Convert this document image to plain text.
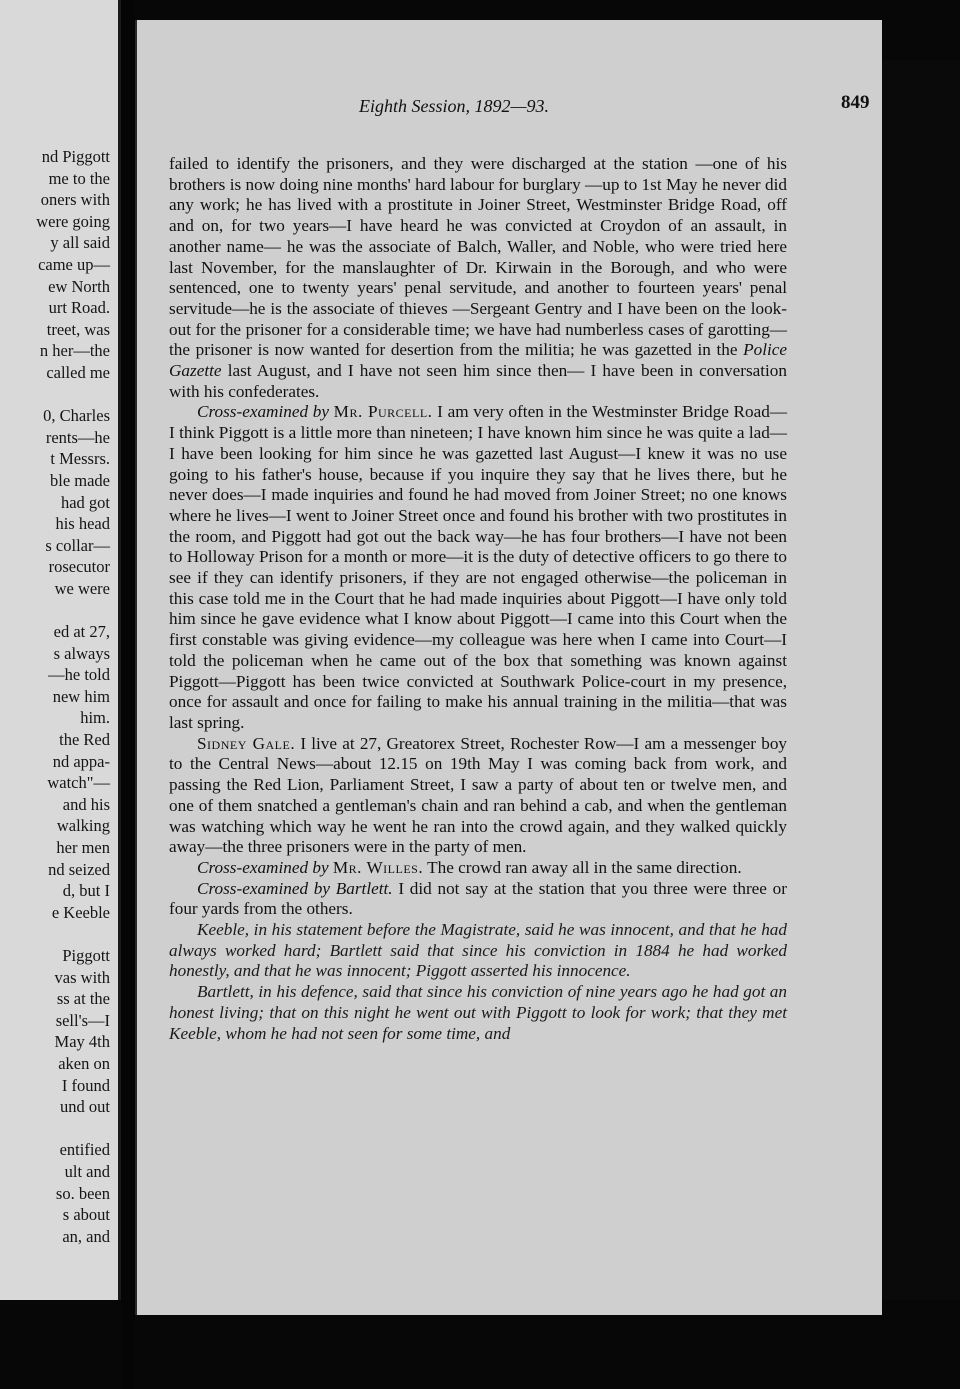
nd Piggott
me to the
oners with
were going
y all said
came up—
ew North
urt Road.
treet, was
n her—the
called me
0, Charles
rents—he
t Messrs.
ble made
had got
his head
s collar—
rosecutor
we were
ed at 27,
s always
—he told
new him
him.
the Red
nd appa-
watch"—
and his
walking
her men
nd seized
d, but I
e Keeble
Piggott
vas with
ss at the
sell's—I
May 4th
aken on
I found
und out
entified
ult and
so. been
s about
an, and
Eighth Session, 1892—93.	849

failed to identify the prisoners, and they were discharged at the station —one of his brothers is now doing nine months' hard labour for burglary —up to 1st May he never did any work; he has lived with a prostitute in Joiner Street, Westminster Bridge Road, off and on, for two years—I have heard he was convicted at Croydon of an assault, in another name— he was the associate of Balch, Waller, and Noble, who were tried here last November, for the manslaughter of Dr. Kirwain in the Borough, and who were sentenced, one to twenty years' penal servitude, and another to fourteen years' penal servitude—he is the associate of thieves —Sergeant Gentry and I have been on the look-out for the prisoner for a considerable time; we have had numberless cases of garotting—the prisoner is now wanted for desertion from the militia; he was gazetted in the Police Gazette last August, and I have not seen him since then— I have been in conversation with his confederates.

Cross-examined by Mr. Purcell. I am very often in the Westminster Bridge Road—I think Piggott is a little more than nineteen; I have known him since he was quite a lad—I have been looking for him since he was gazetted last August—I knew it was no use going to his father's house, because if you inquire they say that he lives there, but he never does—I made inquiries and found he had moved from Joiner Street; no one knows where he lives—I went to Joiner Street once and found his brother with two prostitutes in the room, and Piggott had got out the back way—he has four brothers—I have not been to Holloway Prison for a month or more—it is the duty of detective officers to go there to see if they can identify prisoners, if they are not engaged otherwise—the policeman in this case told me in the Court that he had made inquiries about Piggott—I have only told him since he gave evidence what I know about Piggott—I came into this Court when the first constable was giving evidence—my colleague was here when I came into Court—I told the policeman when he came out of the box that something was known against Piggott—Piggott has been twice convicted at Southwark Police-court in my presence, once for assault and once for failing to make his annual training in the militia—that was last spring.

Sidney Gale. I live at 27, Greatorex Street, Rochester Row—I am a messenger boy to the Central News—about 12.15 on 19th May I was coming back from work, and passing the Red Lion, Parliament Street, I saw a party of about ten or twelve men, and one of them snatched a gentleman's chain and ran behind a cab, and when the gentleman was watching which way he went he ran into the crowd again, and they walked quickly away—the three prisoners were in the party of men.

Cross-examined by Mr. Willes. The crowd ran away all in the same direction.

Cross-examined by Bartlett. I did not say at the station that you three were three or four yards from the others.

Keeble, in his statement before the Magistrate, said he was innocent, and that he had always worked hard; Bartlett said that since his conviction in 1884 he had worked honestly, and that he was innocent; Piggott asserted his innocence.

Bartlett, in his defence, said that since his conviction of nine years ago he had got an honest living; that on this night he went out with Piggott to look for work; that they met Keeble, whom he had not seen for some time, and
